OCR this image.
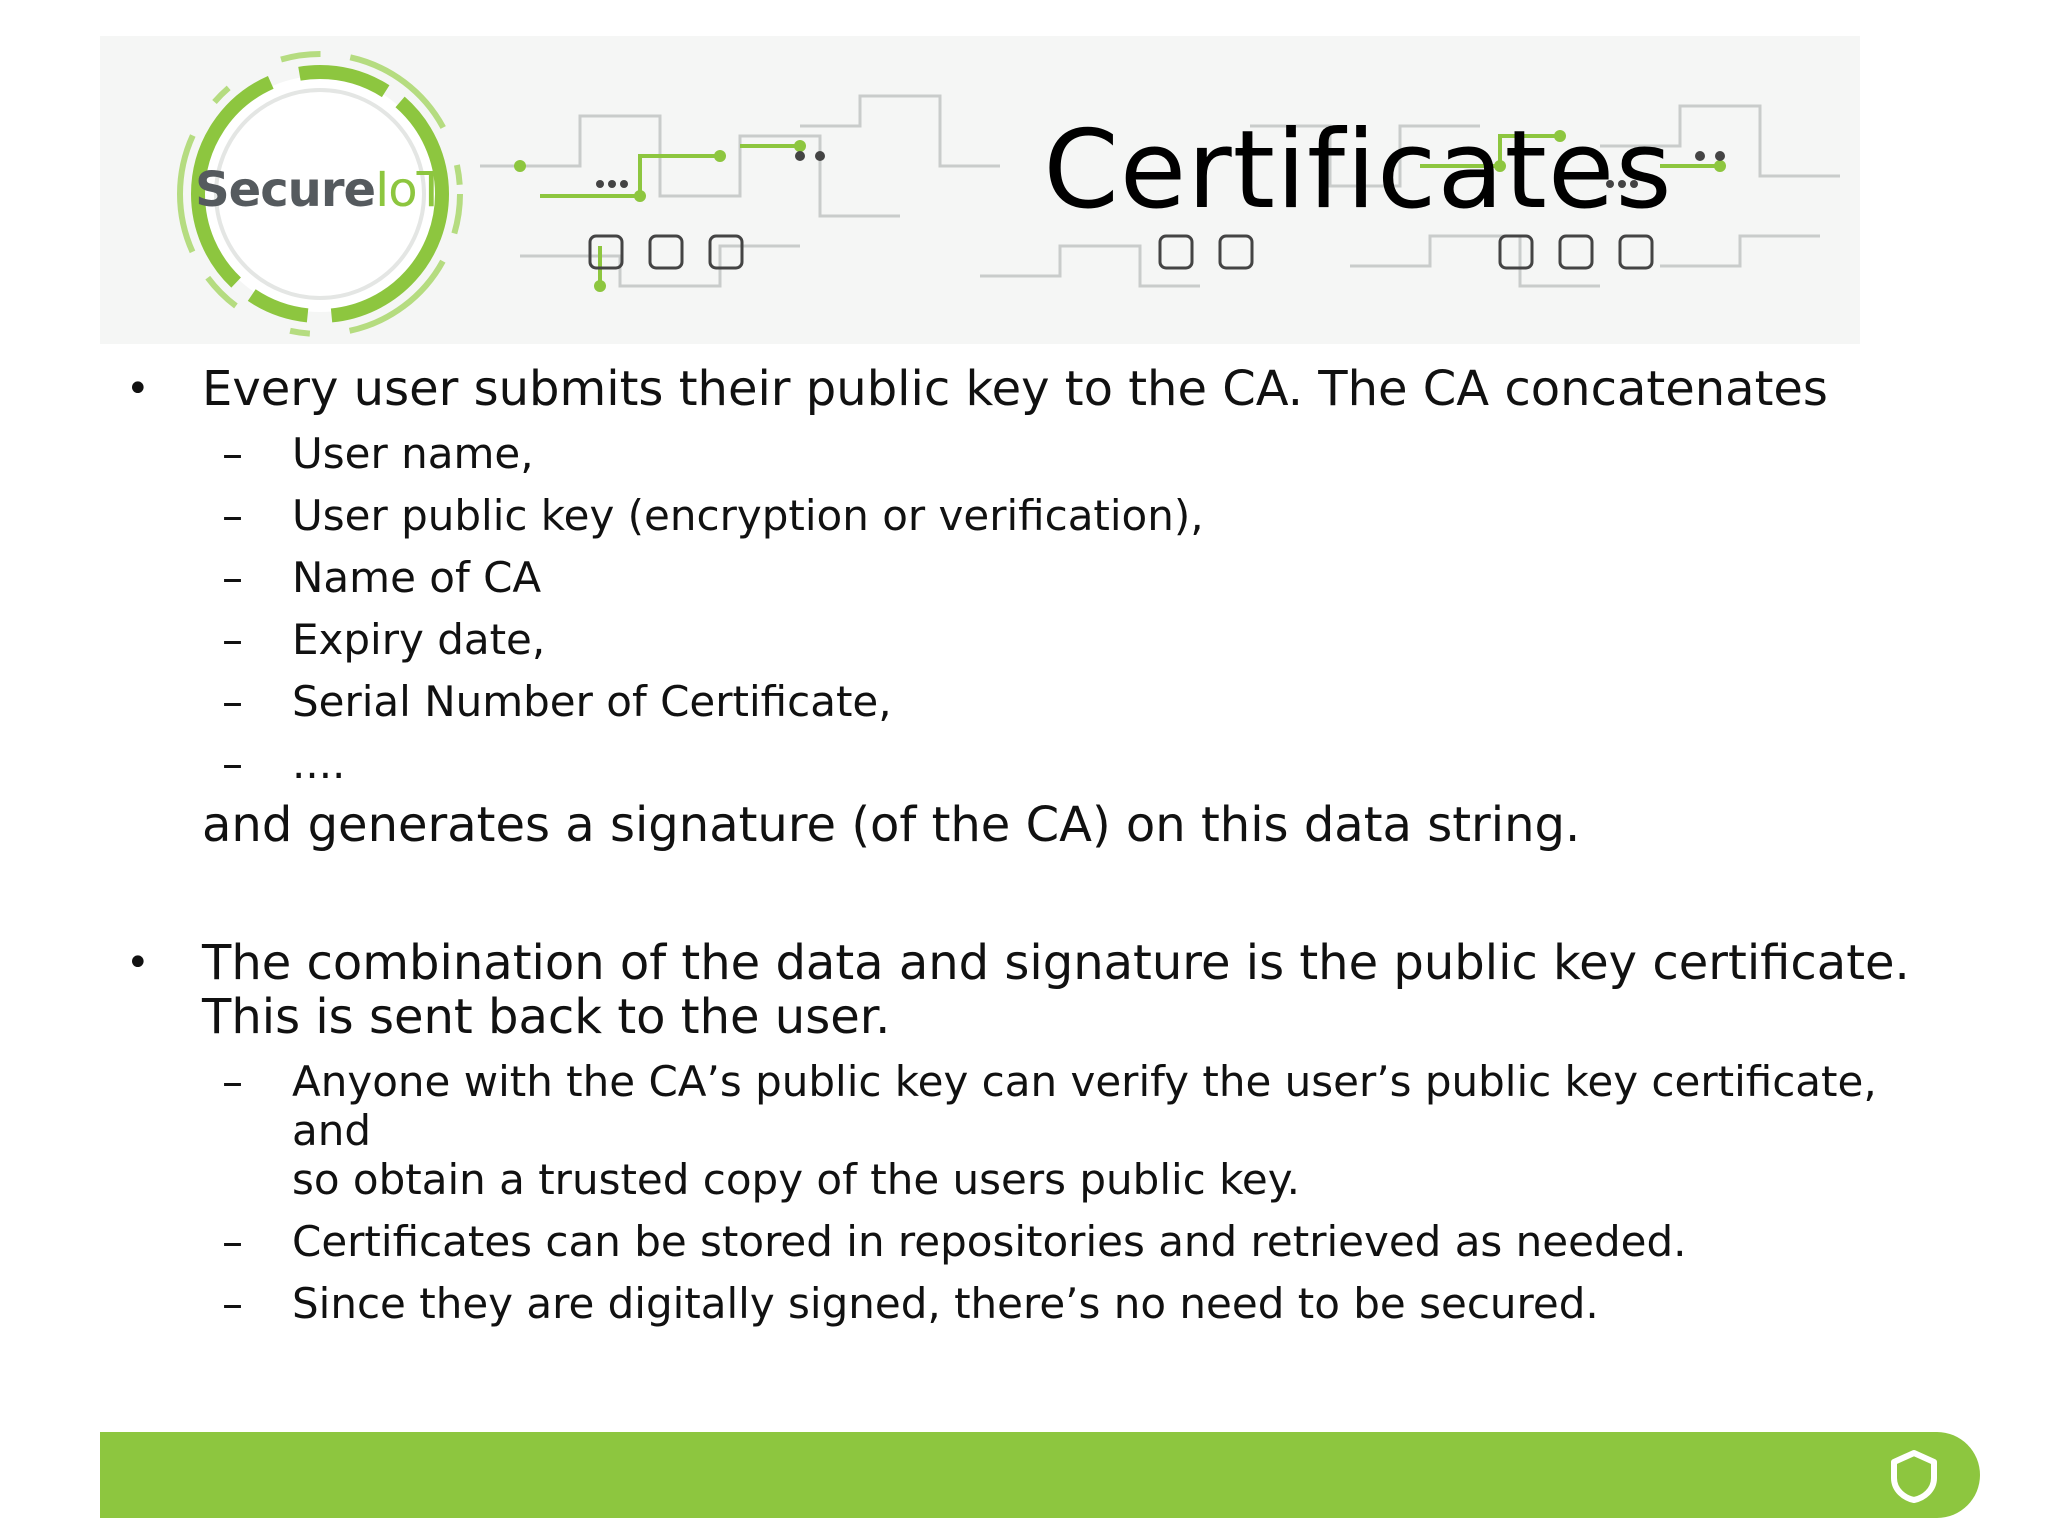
SecureIoT	Certificates
• Every user submits their public key to the CA. The CA concatenates
– User name,
– User public key (encryption or verification),
– Name of CA
– Expiry date,
– Serial Number of Certificate,
– ....
and generates a signature (of the CA) on this data string.
• The combination of the data and signature is the public key certificate.
This is sent back to the user.
– Anyone with the CA’s public key can verify the user’s public key certificate, and
so obtain a trusted copy of the users public key.
– Certificates can be stored in repositories and retrieved as needed.
– Since they are digitally signed, there’s no need to be secured.
